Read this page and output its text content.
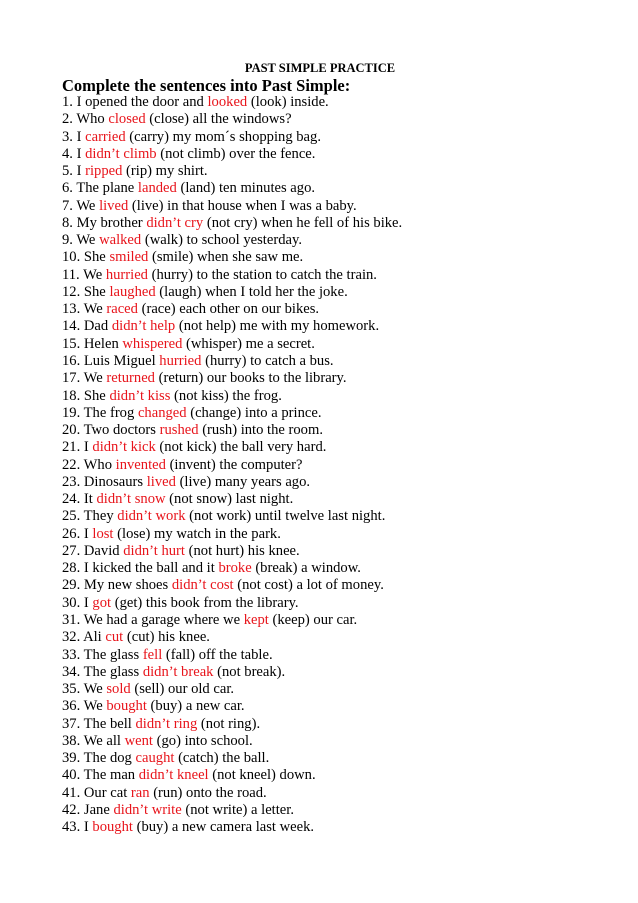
PAST SIMPLE PRACTICE
Complete the sentences into Past Simple:
1. I opened the door and looked (look) inside.
2. Who closed (close) all the windows?
3. I carried (carry) my mom´s shopping bag.
4. I didn’t climb (not climb) over the fence.
5. I ripped (rip) my shirt.
6. The plane landed (land) ten minutes ago.
7. We lived (live) in that house when I was a baby.
8. My brother didn’t cry (not cry) when he fell of his bike.
9. We walked (walk) to school yesterday.
10. She smiled (smile) when she saw me.
11. We hurried (hurry) to the station to catch the train.
12. She laughed (laugh) when I told her the joke.
13. We raced (race) each other on our bikes.
14. Dad didn’t help (not help) me with my homework.
15. Helen whispered (whisper) me a secret.
16. Luis Miguel hurried (hurry) to catch a bus.
17. We returned (return) our books to the library.
18. She didn’t kiss (not kiss) the frog.
19. The frog changed (change) into a prince.
20. Two doctors rushed (rush) into the room.
21. I didn’t kick (not kick) the ball very hard.
22. Who invented (invent) the computer?
23. Dinosaurs lived (live) many years ago.
24. It didn’t snow (not snow) last night.
25. They didn’t work (not work) until twelve last night.
26. I lost (lose) my watch in the park.
27. David didn’t hurt (not hurt) his knee.
28. I kicked the ball and it broke (break) a window.
29. My new shoes didn’t cost (not cost) a lot of money.
30. I got (get) this book from the library.
31. We had a garage where we kept (keep) our car.
32. Ali cut (cut) his knee.
33. The glass fell (fall) off the table.
34. The glass didn’t break (not break).
35. We sold (sell) our old car.
36. We bought (buy) a new car.
37. The bell didn’t ring (not ring).
38. We all went (go) into school.
39. The dog caught (catch) the ball.
40. The man didn’t kneel (not kneel) down.
41. Our cat ran (run) onto the road.
42. Jane didn’t write (not write) a letter.
43. I bought (buy) a new camera last week.
